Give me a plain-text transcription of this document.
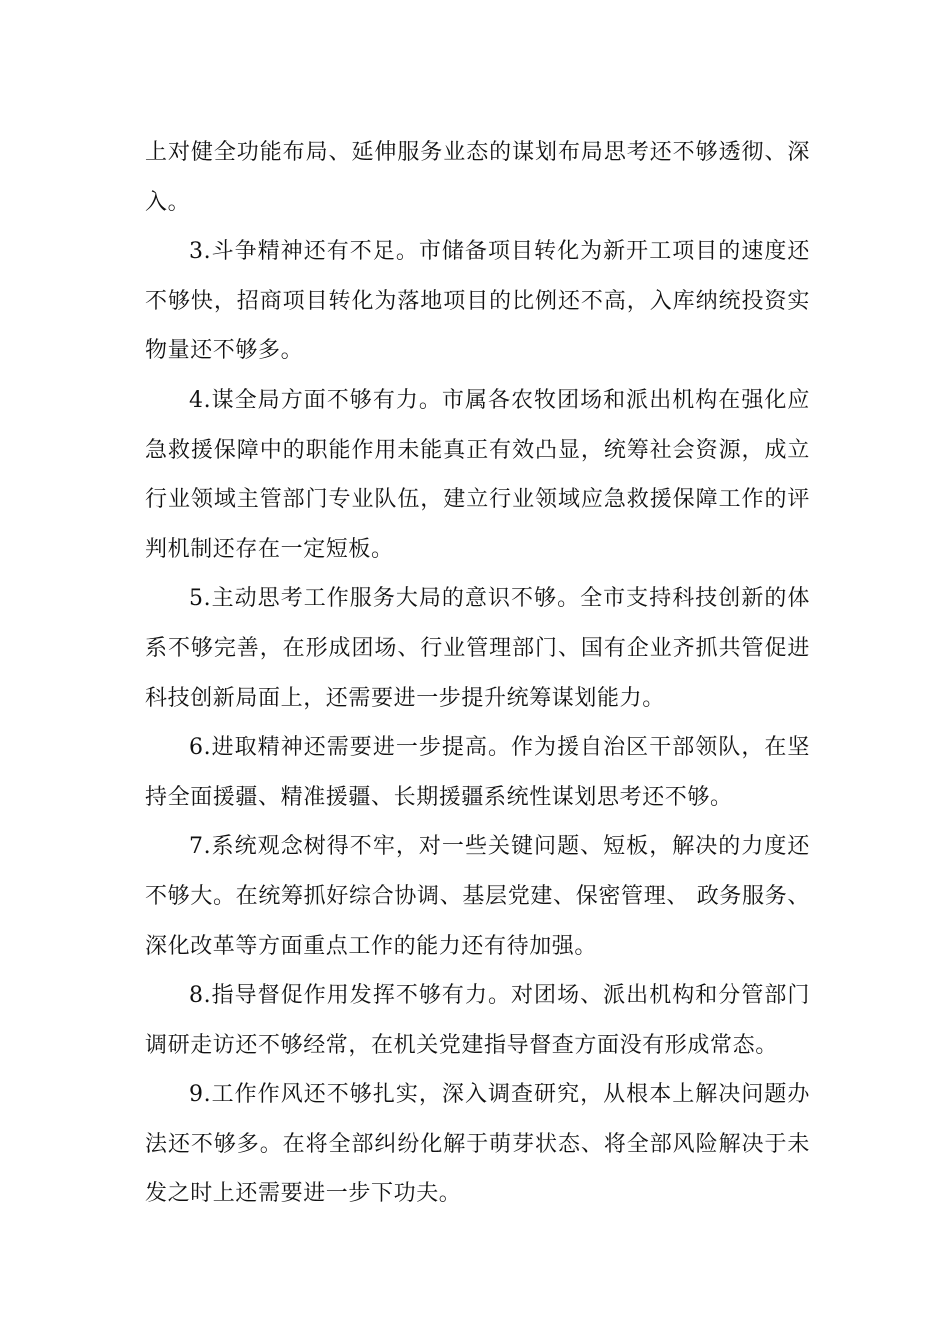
上对健全功能布局、延伸服务业态的谋划布局思考还不够透彻、深入。

3.斗争精神还有不足。市储备项目转化为新开工项目的速度还不够快，招商项目转化为落地项目的比例还不高，入库纳统投资实物量还不够多。

4.谋全局方面不够有力。市属各农牧团场和派出机构在强化应急救援保障中的职能作用未能真正有效凸显，统筹社会资源，成立行业领域主管部门专业队伍，建立行业领域应急救援保障工作的评判机制还存在一定短板。

5.主动思考工作服务大局的意识不够。全市支持科技创新的体系不够完善，在形成团场、行业管理部门、国有企业齐抓共管促进科技创新局面上，还需要进一步提升统筹谋划能力。

6.进取精神还需要进一步提高。作为援自治区干部领队，在坚持全面援疆、精准援疆、长期援疆系统性谋划思考还不够。

7.系统观念树得不牢，对一些关键问题、短板，解决的力度还不够大。在统筹抓好综合协调、基层党建、保密管理、 政务服务、深化改革等方面重点工作的能力还有待加强。

8.指导督促作用发挥不够有力。对团场、派出机构和分管部门调研走访还不够经常，在机关党建指导督查方面没有形成常态。

9.工作作风还不够扎实，深入调查研究，从根本上解决问题办法还不够多。在将全部纠纷化解于萌芽状态、将全部风险解决于未发之时上还需要进一步下功夫。
